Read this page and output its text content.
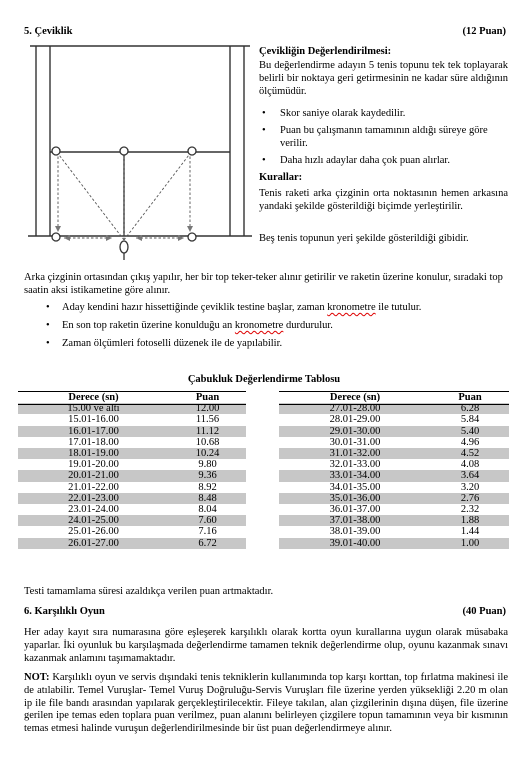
5. Çeviklik	(12 Puan)
Çevikliğin Değerlendirilmesi:
Bu değerlendirme adayın 5 tenis topunu tek tek toplayarak belirli bir noktaya geri getirmesinin ne kadar süre aldığının ölçümüdür.
• Skor saniye olarak kaydedilir.
• Puan bu çalışmanın tamamının aldığı süreye göre verilir.
• Daha hızlı adaylar daha çok puan alırlar.
Kurallar:
Tenis raketi arka çizginin orta noktasının hemen arkasına yandaki şekilde gösterildiği biçimde yerleştirilir.
Beş tenis topunun yeri şekilde gösterildiği gibidir.
Arka çizginin ortasından çıkış yapılır, her bir top teker-teker alınır getirilir ve raketin üzerine konulur, sıradaki top saatin aksi istikametine göre alınır.
• Aday kendini hazır hissettiğinde çeviklik testine başlar, zaman kronometre ile tutulur.
• En son top raketin üzerine konulduğu an kronometre durdurulur.
• Zaman ölçümleri fotoselli düzenek ile de yapılabilir.
Çabukluk Değerlendirme Tablosu
Derece (sn)	Puan
15.00 ve altı	12.00
15.01-16.00	11.56
16.01-17.00	11.12
17.01-18.00	10.68
18.01-19.00	10.24
19.01-20.00	9.80
20.01-21.00	9.36
21.01-22.00	8.92
22.01-23.00	8.48
23.01-24.00	8.04
24.01-25.00	7.60
25.01-26.00	7.16
26.01-27.00	6.72
Derece (sn)	Puan
27.01-28.00	6.28
28.01-29.00	5.84
29.01-30.00	5.40
30.01-31.00	4.96
31.01-32.00	4.52
32.01-33.00	4.08
33.01-34.00	3.64
34.01-35.00	3.20
35.01-36.00	2.76
36.01-37.00	2.32
37.01-38.00	1.88
38.01-39.00	1.44
39.01-40.00	1.00
Testi tamamlama süresi azaldıkça verilen puan artmaktadır.
6. Karşılıklı Oyun	(40 Puan)
Her aday kayıt sıra numarasına göre eşleşerek karşılıklı olarak kortta oyun kurallarına uygun olarak müsabaka yaparlar. İki oyunluk bu karşılaşmada değerlendirme tamamen teknik değerlendirme olup, oyunu kazanmak sınavı kazanmak anlamını taşımamaktadır.
NOT: Karşılıklı oyun ve servis dışındaki tenis tekniklerin kullanımında top karşı korttan, top fırlatma makinesi ile de atılabilir. Temel Vuruşlar- Temel Vuruş Doğruluğu-Servis Vuruşları file üzerine yerden yüksekliği 2.20 m olan ip ile file bandı arasından yapılarak gerçekleştirilecektir. Fileye takılan, alan çizgilerinin dışına düşen, file üzerine gerilen ipe temas eden toplara puan verilmez, puan alanını belirleyen çizgilere topun tamamının veya bir kısmının temas etmesi halinde vuruşun değerlendirilmesinde bir üst puan değerlendirmeye alınır.
